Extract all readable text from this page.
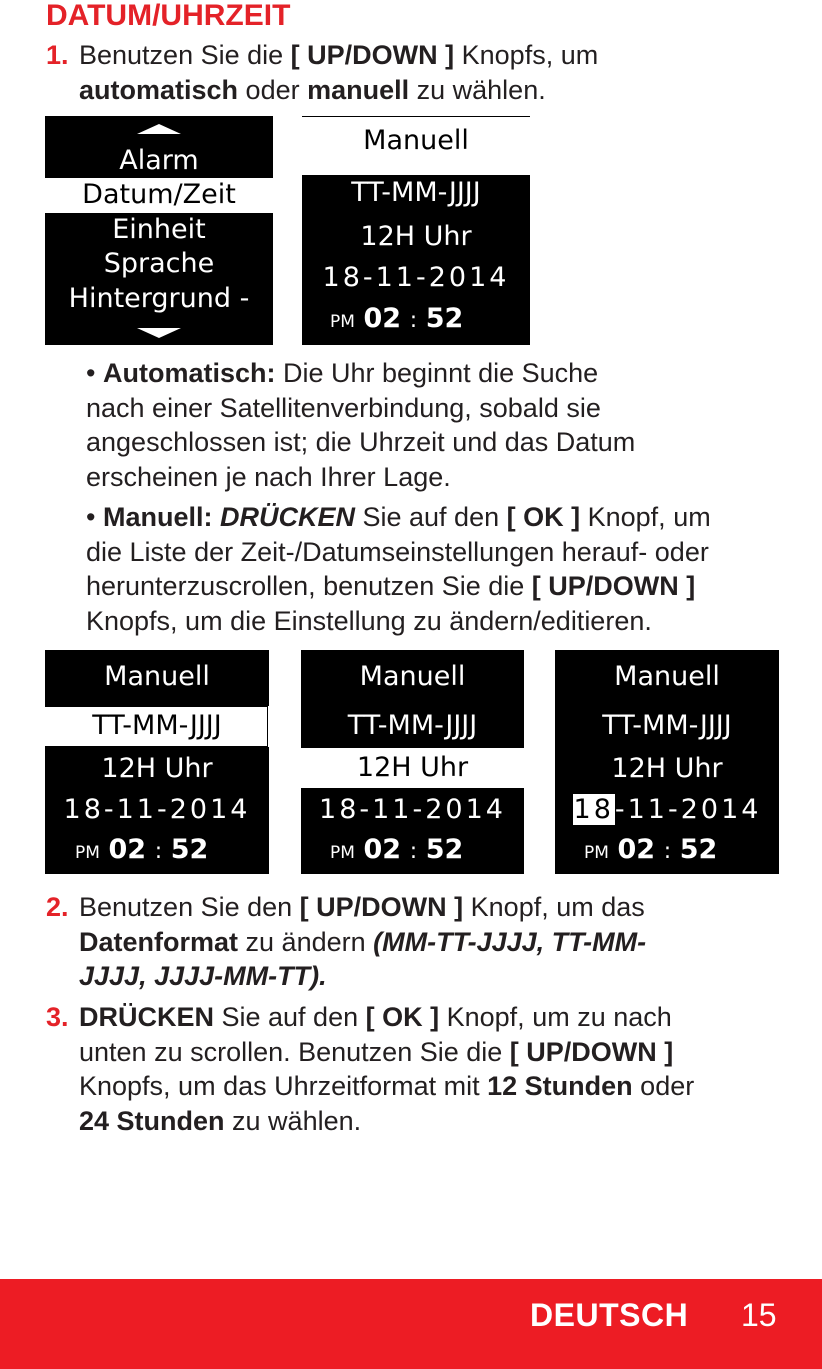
DATUM/UHRZEIT
1. Benutzen Sie die [ UP/DOWN ] Knopfs, um
automatisch oder manuell zu wählen.
Alarm
Datum/Zeit
Einheit
Sprache
Hintergrund -
Manuell
TT-MM-JJJJ
12H Uhr
18-11-2014
PM 02 : 52
• Automatisch: Die Uhr beginnt die Suche
nach einer Satellitenverbindung, sobald sie
angeschlossen ist; die Uhrzeit und das Datum
erscheinen je nach Ihrer Lage.
• Manuell: DRÜCKEN Sie auf den [ OK ] Knopf, um
die Liste der Zeit-/Datumseinstellungen herauf- oder
herunterzuscrollen, benutzen Sie die [ UP/DOWN ]
Knopfs, um die Einstellung zu ändern/editieren.
Manuell
TT-MM-JJJJ
12H Uhr
18-11-2014
PM 02 : 52
Manuell
TT-MM-JJJJ
12H Uhr
18-11-2014
PM 02 : 52
Manuell
TT-MM-JJJJ
12H Uhr
18-11-2014
PM 02 : 52
2. Benutzen Sie den [ UP/DOWN ] Knopf, um das
Datenformat zu ändern (MM-TT-JJJJ, TT-MM-
JJJJ, JJJJ-MM-TT).
3. DRÜCKEN Sie auf den [ OK ] Knopf, um zu nach
unten zu scrollen. Benutzen Sie die [ UP/DOWN ]
Knopfs, um das Uhrzeitformat mit 12 Stunden oder
24 Stunden zu wählen.
DEUTSCH 15
